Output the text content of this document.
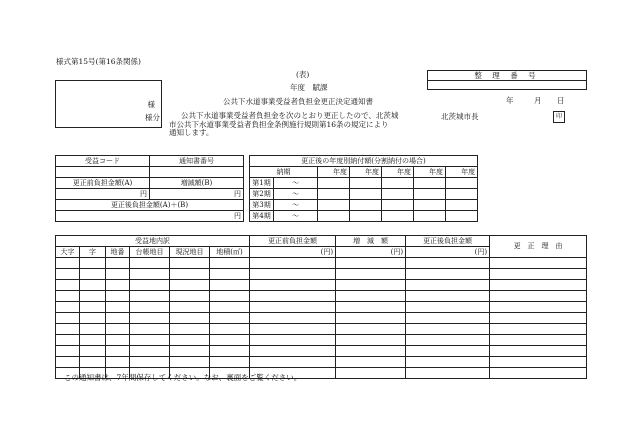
様式第15号(第16条関係)
整 理 番 号
(表)
年度　賦課
年	月 日
様
様分
公共下水道事業受益者負担金更正決定通知書
公共下水道事業受益者負担金を次のとおり更正したので、北茨城
市公共下水道事業受益者負担金条例施行規則第16条の規定により
通知します。
北茨城市長	印
受益コード	通知書番号

更正前負担金額(A)	増減額(B)
円	円
更正後負担金額(A)＋(B)	
円	
更正後の年度別納付額(分割納付の場合)						
納期		年度	年度	年度	年度	年度
第1期	～					
第2期	～					
第3期	～					
第4期	～					
受益地内訳						更正前負担金額	増　減　額	更正後負担金額	更　正　理　由
大字	字	地番	台帳地目	現況地目	地積(㎡)	(円)	(円)	(円)	

この通知書は、7年間保存してください。なお、裏面をご覧ください。
